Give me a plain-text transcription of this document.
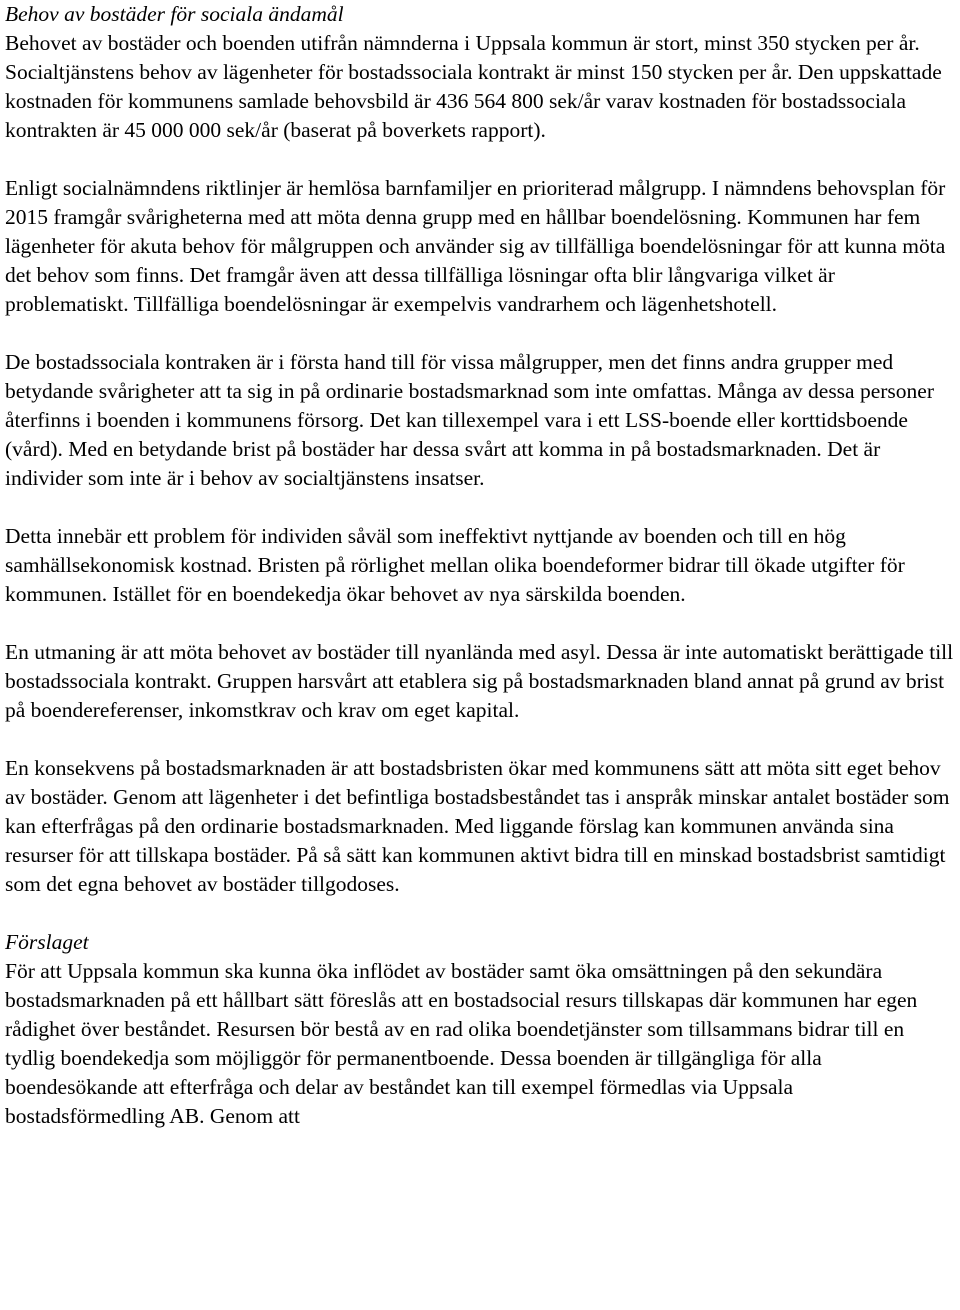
Behov av bostäder för sociala ändamål

Behovet av bostäder och boenden utifrån nämnderna i Uppsala kommun är stort, minst 350 stycken per år. Socialtjänstens behov av lägenheter för bostadssociala kontrakt är minst 150 stycken per år. Den uppskattade kostnaden för kommunens samlade behovsbild är 436 564 800 sek/år varav kostnaden för bostadssociala kontrakten är 45 000 000 sek/år (baserat på boverkets rapport).

Enligt socialnämndens riktlinjer är hemlösa barnfamiljer en prioriterad målgrupp. I nämndens behovsplan för 2015 framgår svårigheterna med att möta denna grupp med en hållbar boendelösning. Kommunen har fem lägenheter för akuta behov för målgruppen och använder sig av tillfälliga boendelösningar för att kunna möta det behov som finns. Det framgår även att dessa tillfälliga lösningar ofta blir långvariga vilket är problematiskt. Tillfälliga boendelösningar är exempelvis vandrarhem och lägenhetshotell.

De bostadssociala kontraken är i första hand till för vissa målgrupper, men det finns andra grupper med betydande svårigheter att ta sig in på ordinarie bostadsmarknad som inte omfattas. Många av dessa personer återfinns i boenden i kommunens försorg. Det kan tillexempel vara i ett LSS-boende eller korttidsboende (vård). Med en betydande brist på bostäder har dessa svårt att komma in på bostadsmarknaden. Det är individer som inte är i behov av socialtjänstens insatser.

Detta innebär ett problem för individen såväl som ineffektivt nyttjande av boenden och till en hög samhällsekonomisk kostnad. Bristen på rörlighet mellan olika boendeformer bidrar till ökade utgifter för kommunen. Istället för en boendekedja ökar behovet av nya särskilda boenden.

En utmaning är att möta behovet av bostäder till nyanlända med asyl. Dessa är inte automatiskt berättigade till bostadssociala kontrakt. Gruppen harsvårt att etablera sig på bostadsmarknaden bland annat på grund av brist på boendereferenser, inkomstkrav och krav om eget kapital.

En konsekvens på bostadsmarknaden är att bostadsbristen ökar med kommunens sätt att möta sitt eget behov av bostäder. Genom att lägenheter i det befintliga bostadsbeståndet tas i anspråk minskar antalet bostäder som kan efterfrågas på den ordinarie bostadsmarknaden. Med liggande förslag kan kommunen använda sina resurser för att tillskapa bostäder. På så sätt kan kommunen aktivt bidra till en minskad bostadsbrist samtidigt som det egna behovet av bostäder tillgodoses.

Förslaget

För att Uppsala kommun ska kunna öka inflödet av bostäder samt öka omsättningen på den sekundära bostadsmarknaden på ett hållbart sätt föreslås att en bostadsocial resurs tillskapas där kommunen har egen rådighet över beståndet. Resursen bör bestå av en rad olika boendetjänster som tillsammans bidrar till en tydlig boendekedja som möjliggör för permanentboende. Dessa boenden är tillgängliga för alla boendesökande att efterfråga och delar av beståndet kan till exempel förmedlas via Uppsala bostadsförmedling AB. Genom att
